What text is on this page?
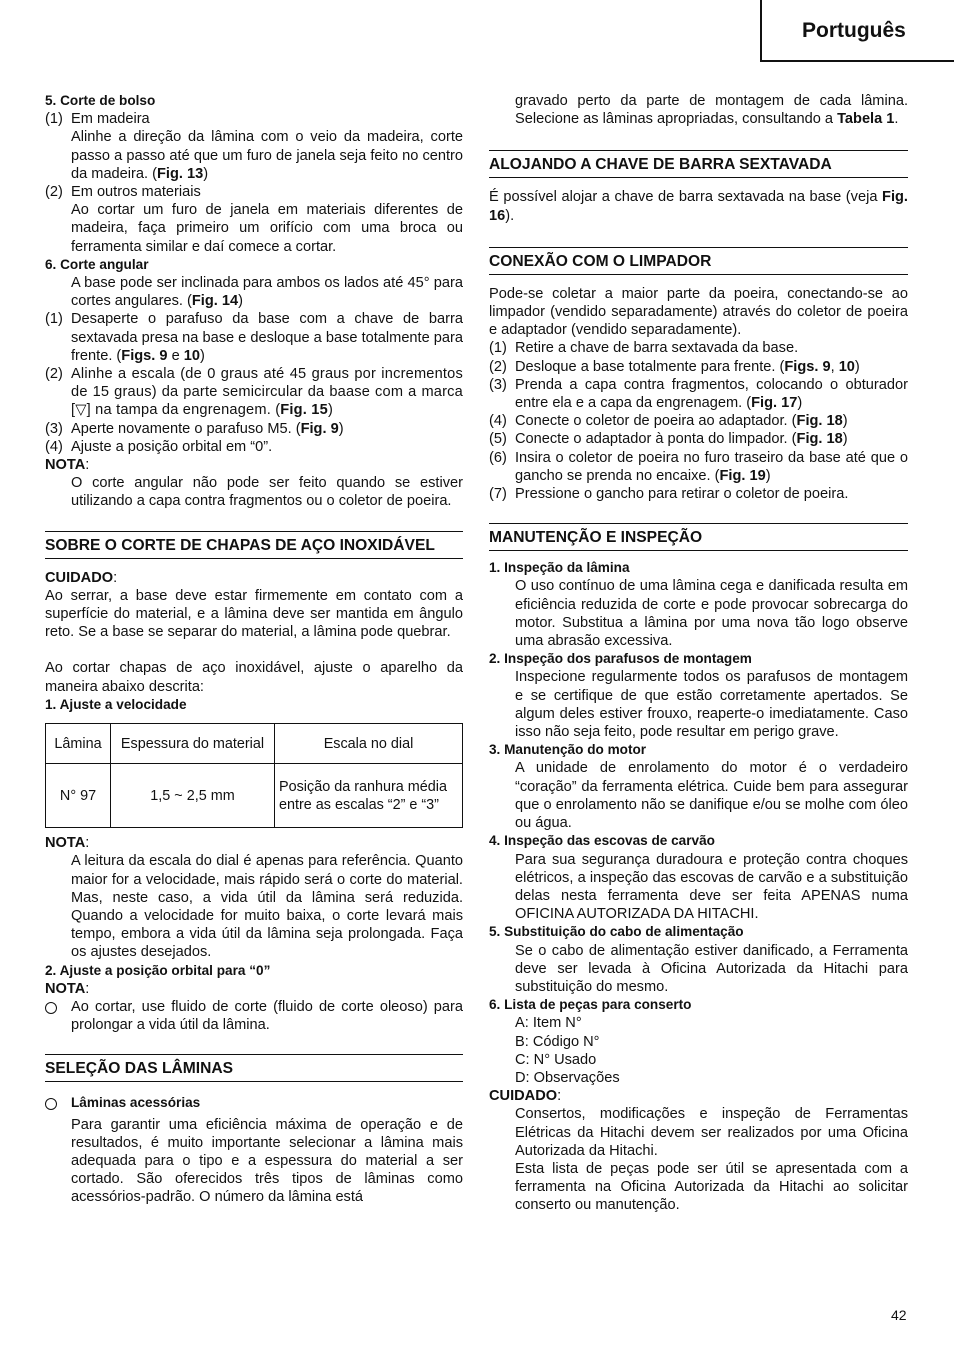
Português

5. Corte de bolso

(1) Em madeira

Alinhe a direção da lâmina com o veio da madeira, corte passo a passo até que um furo de janela seja feito no centro da madeira. (Fig. 13)

(2) Em outros materiais

Ao cortar um furo de janela em materiais diferentes de madeira, faça primeiro um orifício com uma broca ou ferramenta similar e daí comece a cortar.

6. Corte angular

A base pode ser inclinada para ambos os lados até 45° para cortes angulares. (Fig. 14)

(1) Desaperte o parafuso da base com a chave de barra sextavada presa na base e desloque a base totalmente para frente. (Figs. 9 e 10)
(2) Alinhe a escala (de 0 graus até 45 graus por incrementos de 15 graus) da parte semicircular da baase com a marca [▽] na tampa da engrenagem. (Fig. 15)
(3) Aperte novamente o parafuso M5. (Fig. 9)
(4) Ajuste a posição orbital em “0”.

NOTA:

O corte angular não pode ser feito quando se estiver utilizando a capa contra fragmentos ou o coletor de poeira.

SOBRE O CORTE DE CHAPAS DE AÇO INOXIDÁVEL

CUIDADO:

Ao serrar, a base deve estar firmemente em contato com a superfície do material, e a lâmina deve ser mantida em ângulo reto. Se a base se separar do material, a lâmina pode quebrar.

Ao cortar chapas de aço inoxidável, ajuste o aparelho da maneira abaixo descrita:

1. Ajuste a velocidade

Lâmina	Espessura do material	Escala no dial
N° 97	1,5 ~ 2,5 mm	Posição da ranhura média entre as escalas “2” e “3”

NOTA:

A leitura da escala do dial é apenas para referência. Quanto maior for a velocidade, mais rápido será o corte do material. Mas, neste caso, a vida útil da lâmina será reduzida. Quando a velocidade for muito baixa, o corte levará mais tempo, embora a vida útil da lâmina seja prolongada. Faça os ajustes desejados.

2. Ajuste a posição orbital para “0”

NOTA:

Ao cortar, use fluido de corte (fluido de corte oleoso) para prolongar a vida útil da lâmina.
SELEÇÃO DAS LÂMINAS
Lâminas acessórias

Para garantir uma eficiência máxima de operação e de resultados, é muito importante selecionar a lâmina mais adequada para o tipo e a espessura do material a ser cortado. São oferecidos três tipos de lâminas como acessórios-padrão. O número da lâmina está

gravado perto da parte de montagem de cada lâmina. Selecione as lâminas apropriadas, consultando a Tabela 1.

ALOJANDO A CHAVE DE BARRA SEXTAVADA

É possível alojar a chave de barra sextavada na base (veja Fig. 16).

CONEXÃO COM O LIMPADOR

Pode-se coletar a maior parte da poeira, conectando-se ao limpador (vendido separadamente) através do coletor de poeira e adaptador (vendido separadamente).

(1) Retire a chave de barra sextavada da base.
(2) Desloque a base totalmente para frente. (Figs. 9, 10)
(3) Prenda a capa contra fragmentos, colocando o obturador entre ela e a capa da engrenagem. (Fig. 17)
(4) Conecte o coletor de poeira ao adaptador. (Fig. 18)
(5) Conecte o adaptador à ponta do limpador. (Fig. 18)
(6) Insira o coletor de poeira no furo traseiro da base até que o gancho se prenda no encaixe. (Fig. 19)
(7) Pressione o gancho para retirar o coletor de poeira.
MANUTENÇÃO E INSPEÇÃO

1. Inspeção da lâmina

O uso contínuo de uma lâmina cega e danificada resulta em eficiência reduzida de corte e pode provocar sobrecarga do motor. Substitua a lâmina por uma nova tão logo observe uma abrasão excessiva.

2. Inspeção dos parafusos de montagem

Inspecione regularmente todos os parafusos de montagem e se certifique de que estão corretamente apertados. Se algum deles estiver frouxo, reaperte-o imediatamente. Caso isso não seja feito, pode resultar em perigo grave.

3. Manutenção do motor

A unidade de enrolamento do motor é o verdadeiro “coração” da ferramenta elétrica. Cuide bem para assegurar que o enrolamento não se danifique e/ou se molhe com óleo ou água.

4. Inspeção das escovas de carvão

Para sua segurança duradoura e proteção contra choques elétricos, a inspeção das escovas de carvão e a substituição delas nesta ferramenta deve ser feita APENAS numa OFICINA AUTORIZADA DA HITACHI.

5. Substituição do cabo de alimentação

Se o cabo de alimentação estiver danificado, a Ferramenta deve ser levada à Oficina Autorizada da Hitachi para substituição do mesmo.

6. Lista de peças para conserto

A: Item N°

B: Código N°

C: N° Usado

D: Observações

CUIDADO:

Consertos, modificações e inspeção de Ferramentas Elétricas da Hitachi devem ser realizados por uma Oficina Autorizada da Hitachi.

Esta lista de peças pode ser útil se apresentada com a ferramenta na Oficina Autorizada da Hitachi ao solicitar conserto ou manutenção.

42
